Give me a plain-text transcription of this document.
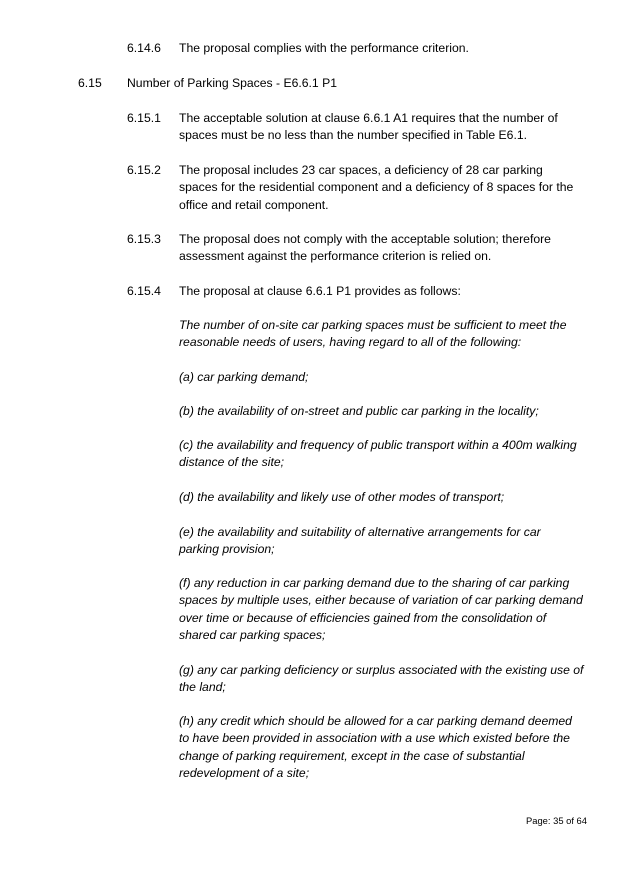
6.14.6 The proposal complies with the performance criterion.
6.15 Number of Parking Spaces - E6.6.1 P1
6.15.1 The acceptable solution at clause 6.6.1 A1 requires that the number of spaces must be no less than the number specified in Table E6.1.
6.15.2 The proposal includes 23 car spaces, a deficiency of 28 car parking spaces for the residential component and a deficiency of 8 spaces for the office and retail component.
6.15.3 The proposal does not comply with the acceptable solution; therefore assessment against the performance criterion is relied on.
6.15.4 The proposal at clause 6.6.1 P1 provides as follows:
The number of on-site car parking spaces must be sufficient to meet the reasonable needs of users, having regard to all of the following:
(a) car parking demand;
(b) the availability of on-street and public car parking in the locality;
(c) the availability and frequency of public transport within a 400m walking distance of the site;
(d) the availability and likely use of other modes of transport;
(e) the availability and suitability of alternative arrangements for car parking provision;
(f) any reduction in car parking demand due to the sharing of car parking spaces by multiple uses, either because of variation of car parking demand over time or because of efficiencies gained from the consolidation of shared car parking spaces;
(g) any car parking deficiency or surplus associated with the existing use of the land;
(h) any credit which should be allowed for a car parking demand deemed to have been provided in association with a use which existed before the change of parking requirement, except in the case of substantial redevelopment of a site;
Page: 35 of 64
